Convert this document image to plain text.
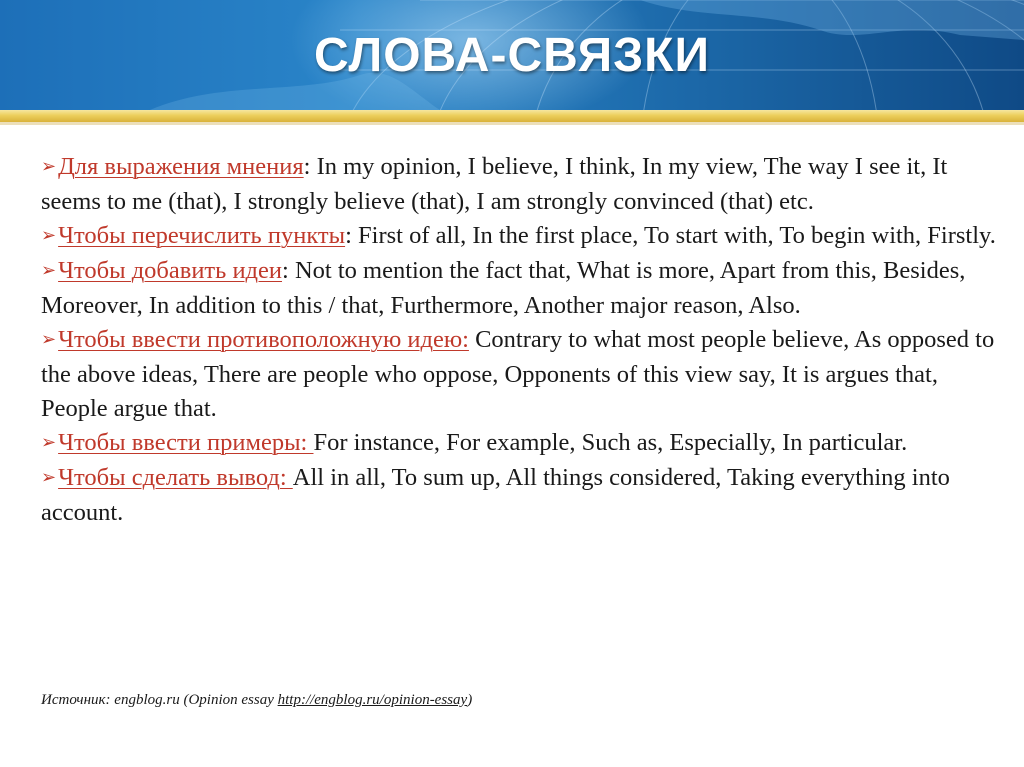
СЛОВА-СВЯЗКИ

➢Для выражения мнения: In my opinion, I believe, I think, In my view, The way I see it, It seems to me (that), I strongly believe (that), I am strongly convinced (that) etc.

➢Чтобы перечислить пункты: First of all, In the first place, To start with, To begin with, Firstly.

➢Чтобы добавить идеи: Not to mention the fact that, What is more, Apart from this, Besides, Moreover, In addition to this / that, Furthermore, Another major reason, Also.

➢Чтобы ввести противоположную идею: Contrary to what most people believe, As opposed to the above ideas, There are people who oppose, Opponents of this view say, It is argues that, People argue that.

➢Чтобы ввести примеры: For instance, For example, Such as, Especially, In particular.

➢Чтобы сделать вывод: All in all, To sum up, All things considered, Taking everything into account.

Источник: engblog.ru (Opinion essay http://engblog.ru/opinion-essay)
